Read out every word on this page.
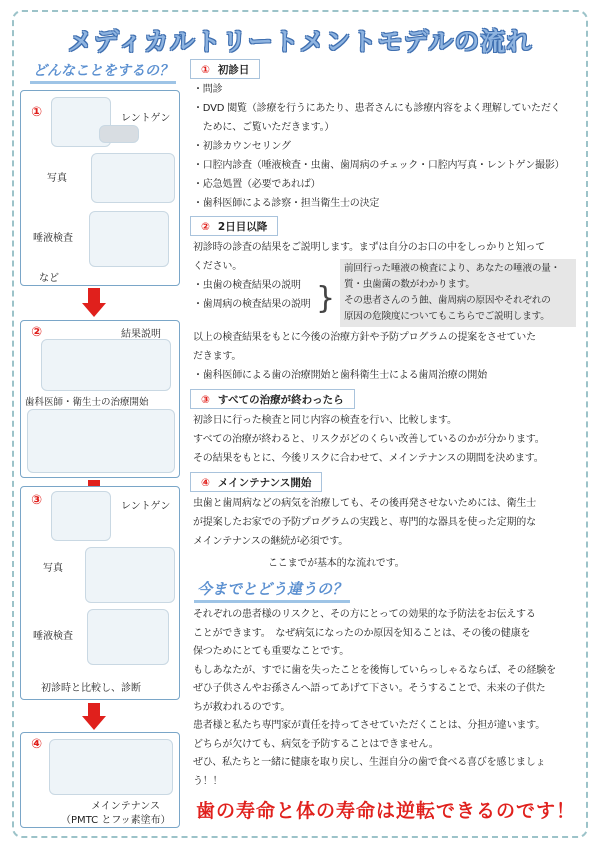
メディカルトリートメントモデルの流れ
どんなことをするの？
①	レントゲン
写真
唾液検査
など
②	結果説明
歯科医師・衛生士の治療開始
③	レントゲン
写真
唾液検査
初診時と比較し、診断
④
メインテナンス
（PMTC とフッ素塗布）
① 初診日
・問診
・DVD 閲覧（診療を行うにあたり、患者さんにも診療内容をよく理解していただく
　ために、ご覧いただきます。）
・初診カウンセリング
・口腔内診査（唾液検査・虫歯、歯周病のチェック・口腔内写真・レントゲン撮影）
・応急処置（必要であれば）
・歯科医師による診察・担当衛生士の決定
② 2日目以降
初診時の診査の結果をご説明します。まずは自分のお口の中をしっかりと知って
ください。
・虫歯の検査結果の説明
・歯周病の検査結果の説明
前回行った唾液の検査により、あなたの唾液の量・
質・虫歯菌の数がわかります。
その患者さんのう蝕、歯周病の原因やそれぞれの
原因の危険度についてもこちらでご説明します。
}
以上の検査結果をもとに今後の治療方針や予防プログラムの提案をさせていた
だきます。
・歯科医師による歯の治療開始と歯科衛生士による歯周治療の開始
③ すべての治療が終わったら
初診日に行った検査と同じ内容の検査を行い、比較します。
すべての治療が終わると、リスクがどのくらい改善しているのかが分かります。
その結果をもとに、今後リスクに合わせて、メインテナンスの期間を決めます。
④ メインテナンス開始
虫歯と歯周病などの病気を治療しても、その後再発させないためには、衛生士
が提案したお家での予防プログラムの実践と、専門的な器具を使った定期的な
メインテナンスの継続が必須です。
ここまでが基本的な流れです。
今までとどう違うの？
それぞれの患者様のリスクと、その方にとっての効果的な予防法をお伝えする
ことができます。　なぜ病気になったのか原因を知ることは、その後の健康を
保つためにとても重要なことです。
もしあなたが、すでに歯を失ったことを後悔していらっしゃるならば、その経験を
ぜひ子供さんやお孫さんへ語ってあげて下さい。そうすることで、未来の子供た
ちが救われるのです。
患者様と私たち専門家が責任を持ってさせていただくことは、分担が違います。
どちらが欠けても、病気を予防することはできません。
ぜひ、私たちと一緒に健康を取り戻し、生涯自分の歯で食べる喜びを感じましょ
う！！
歯の寿命と体の寿命は逆転できるのです！
